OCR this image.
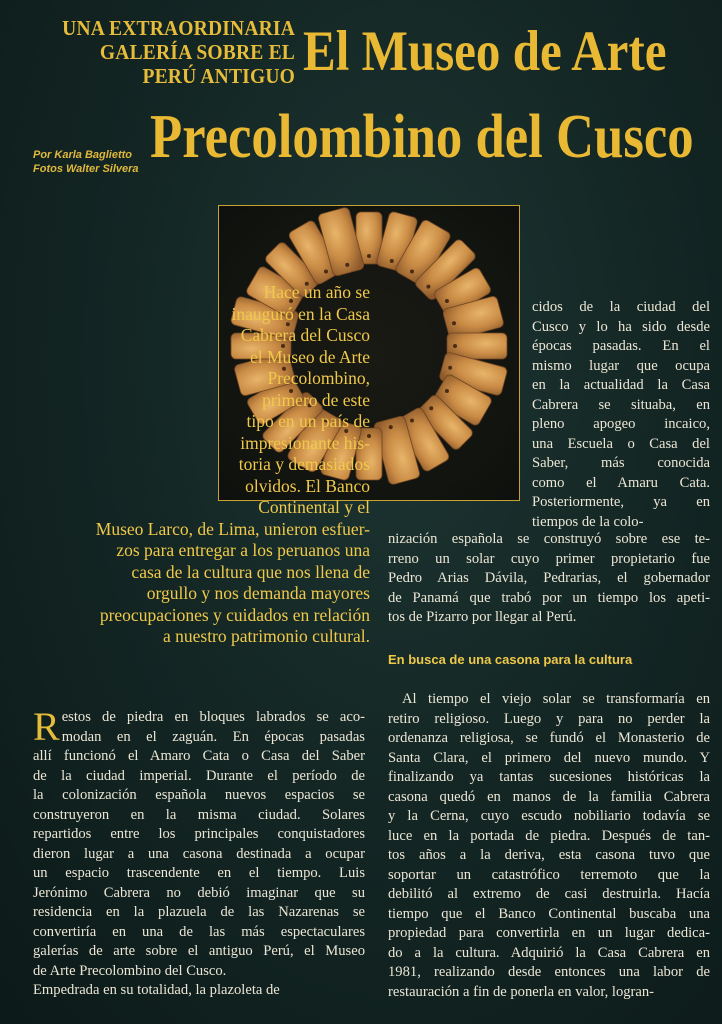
UNA EXTRAORDINARIA
GALERÍA SOBRE EL
PERÚ ANTIGUO El Museo de Arte
Precolombino del Cusco
Por Karla Baglietto
Fotos Walter Silvera
Hace un año se
inauguró en la Casa
Cabrera del Cusco
el Museo de Arte
Precolombino,
primero de este
tipo en un país de
impresionante his-
toria y demasiados
olvidos. El Banco
Continental y el
Museo Larco, de Lima, unieron esfuer-
zos para entregar a los peruanos una
casa de la cultura que nos llena de
orgullo y nos demanda mayores
preocupaciones y cuidados en relación
a nuestro patrimonio cultural.
cidos de la ciudad del
Cusco y lo ha sido desde
épocas pasadas. En el
mismo lugar que ocupa
en la actualidad la Casa
Cabrera se situaba, en
pleno apogeo incaico,
una Escuela o Casa del
Saber, más conocida
como el Amaru Cata.
Posteriormente, ya en
tiempos de la colo-
nización española se construyó sobre ese te-
rreno un solar cuyo primer propietario fue
Pedro Arias Dávila, Pedrarias, el gobernador
de Panamá que trabó por un tiempo los apeti-
tos de Pizarro por llegar al Perú.
En busca de una casona para la cultura
R estos de piedra en bloques labrados se aco-
modan en el zaguán. En épocas pasadas
allí funcionó el Amaro Cata o Casa del Saber
de la ciudad imperial. Durante el período de
la colonización española nuevos espacios se
construyeron en la misma ciudad. Solares
repartidos entre los principales conquistadores
dieron lugar a una casona destinada a ocupar
un espacio trascendente en el tiempo. Luis
Jerónimo Cabrera no debió imaginar que su
residencia en la plazuela de las Nazarenas se
convertiría en una de las más espectaculares
galerías de arte sobre el antiguo Perú, el Museo
de Arte Precolombino del Cusco.
Empedrada en su totalidad, la plazoleta de
Al tiempo el viejo solar se transformaría en
retiro religioso. Luego y para no perder la
ordenanza religiosa, se fundó el Monasterio de
Santa Clara, el primero del nuevo mundo. Y
finalizando ya tantas sucesiones históricas la
casona quedó en manos de la familia Cabrera
y la Cerna, cuyo escudo nobiliario todavía se
luce en la portada de piedra. Después de tan-
tos años a la deriva, esta casona tuvo que
soportar un catastrófico terremoto que la
debilitó al extremo de casi destruirla. Hacía
tiempo que el Banco Continental buscaba una
propiedad para convertirla en un lugar dedica-
do a la cultura. Adquirió la Casa Cabrera en
1981, realizando desde entonces una labor de
restauración a fin de ponerla en valor, logran-
